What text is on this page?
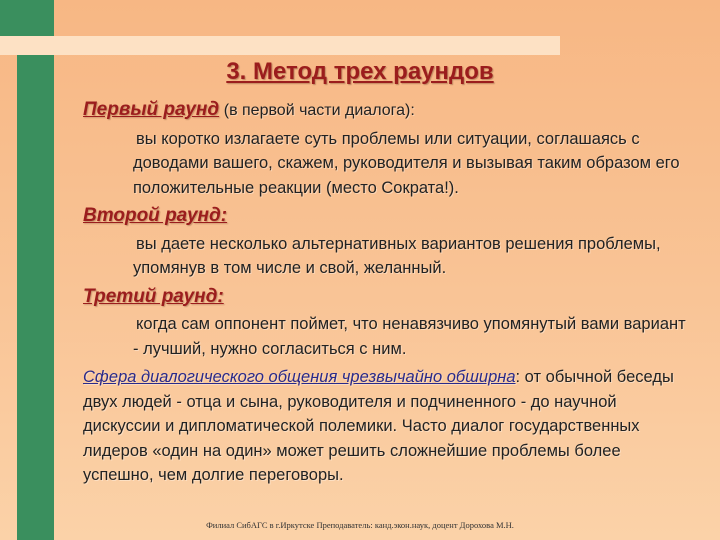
3. Метод трех раундов
Первый раунд (в первой части диалога):
вы коротко излагаете суть проблемы или ситуации, соглашаясь с доводами вашего, скажем, руководителя и вызывая таким образом его положительные реакции (место Сократа!).
Второй раунд:
вы даете несколько альтернативных вариантов решения проблемы, упомянув в том числе и свой, желанный.
Третий раунд:
когда сам оппонент поймет, что ненавязчиво упомянутый вами вариант - лучший, нужно согласиться с ним.
Сфера диалогического общения чрезвычайно обширна: от обычной беседы двух людей - отца и сына, руководителя и подчиненного - до научной дискуссии и дипломатической полемики. Часто диалог государственных лидеров «один на один» может решить сложнейшие проблемы более успешно, чем долгие переговоры.
Филиал СибАГС в г.Иркутске Преподаватель: канд.экон.наук, доцент Дорохова М.Н.
